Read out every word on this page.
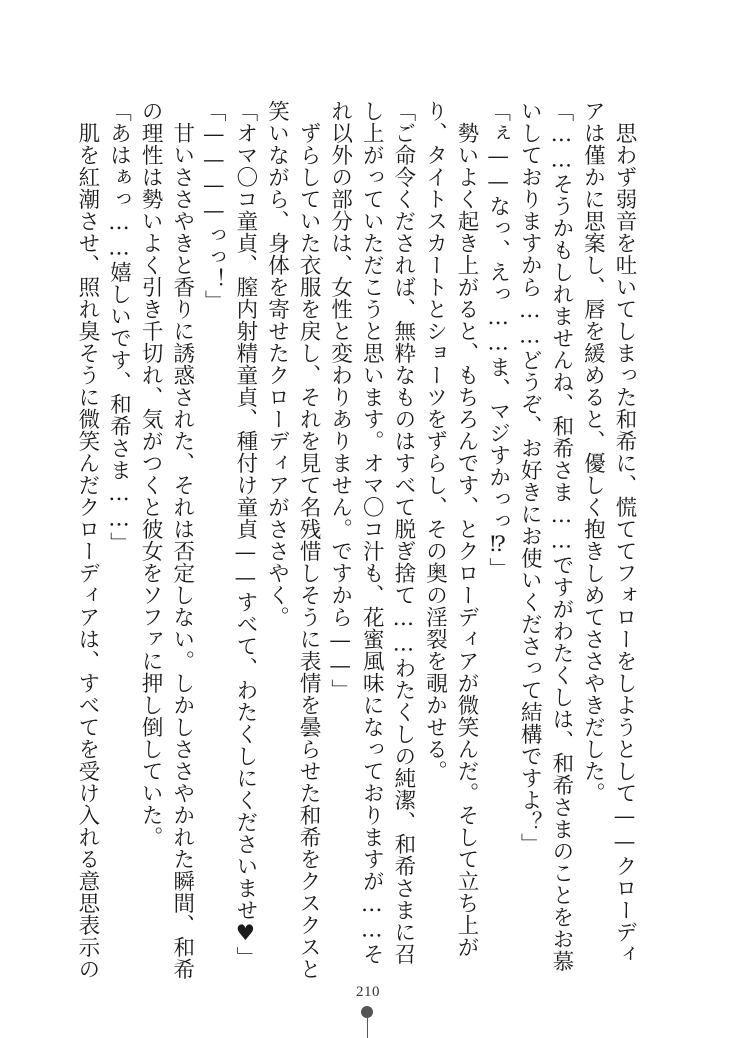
　思わず弱音を吐いてしまった和希に、慌ててフォローをしようとして——クローディアは僅かに思案し、唇を緩めると、優しく抱きしめてささやきだした。

「……そうかもしれませんね、和希さま……ですがわたくしは、和希さまのことをお慕いしておりますから……どうぞ、お好きにお使いくださって結構ですよ？」

「ぇ——なっ、えっ……ま、マジすかっっ⁉」

　勢いよく起き上がると、もちろんです、とクローディアが微笑んだ。そして立ち上がり、タイトスカートとショーツをずらし、その奥の淫裂を覗かせる。

「ご命令くだされば、無粋なものはすべて脱ぎ捨て……わたくしの純潔、和希さまに召し上がっていただこうと思います。オマ〇コ汁も、花蜜風味になっておりますが……それ以外の部分は、女性と変わりありません。ですから——」

　ずらしていた衣服を戻し、それを見て名残惜しそうに表情を曇らせた和希をクスクスと笑いながら、身体を寄せたクローディアがささやく。

「オマ〇コ童貞、膣内射精童貞、種付け童貞——すべて、わたくしにくださいませ♥」

「————っっ！」

　甘いささやきと香りに誘惑された、それは否定しない。しかしささやかれた瞬間、和希の理性は勢いよく引き千切れ、気がつくと彼女をソファに押し倒していた。

「あはぁっ……嬉しいです、和希さま……」

　肌を紅潮させ、照れ臭そうに微笑んだクローディアは、すべてを受け入れる意思表示の

210
